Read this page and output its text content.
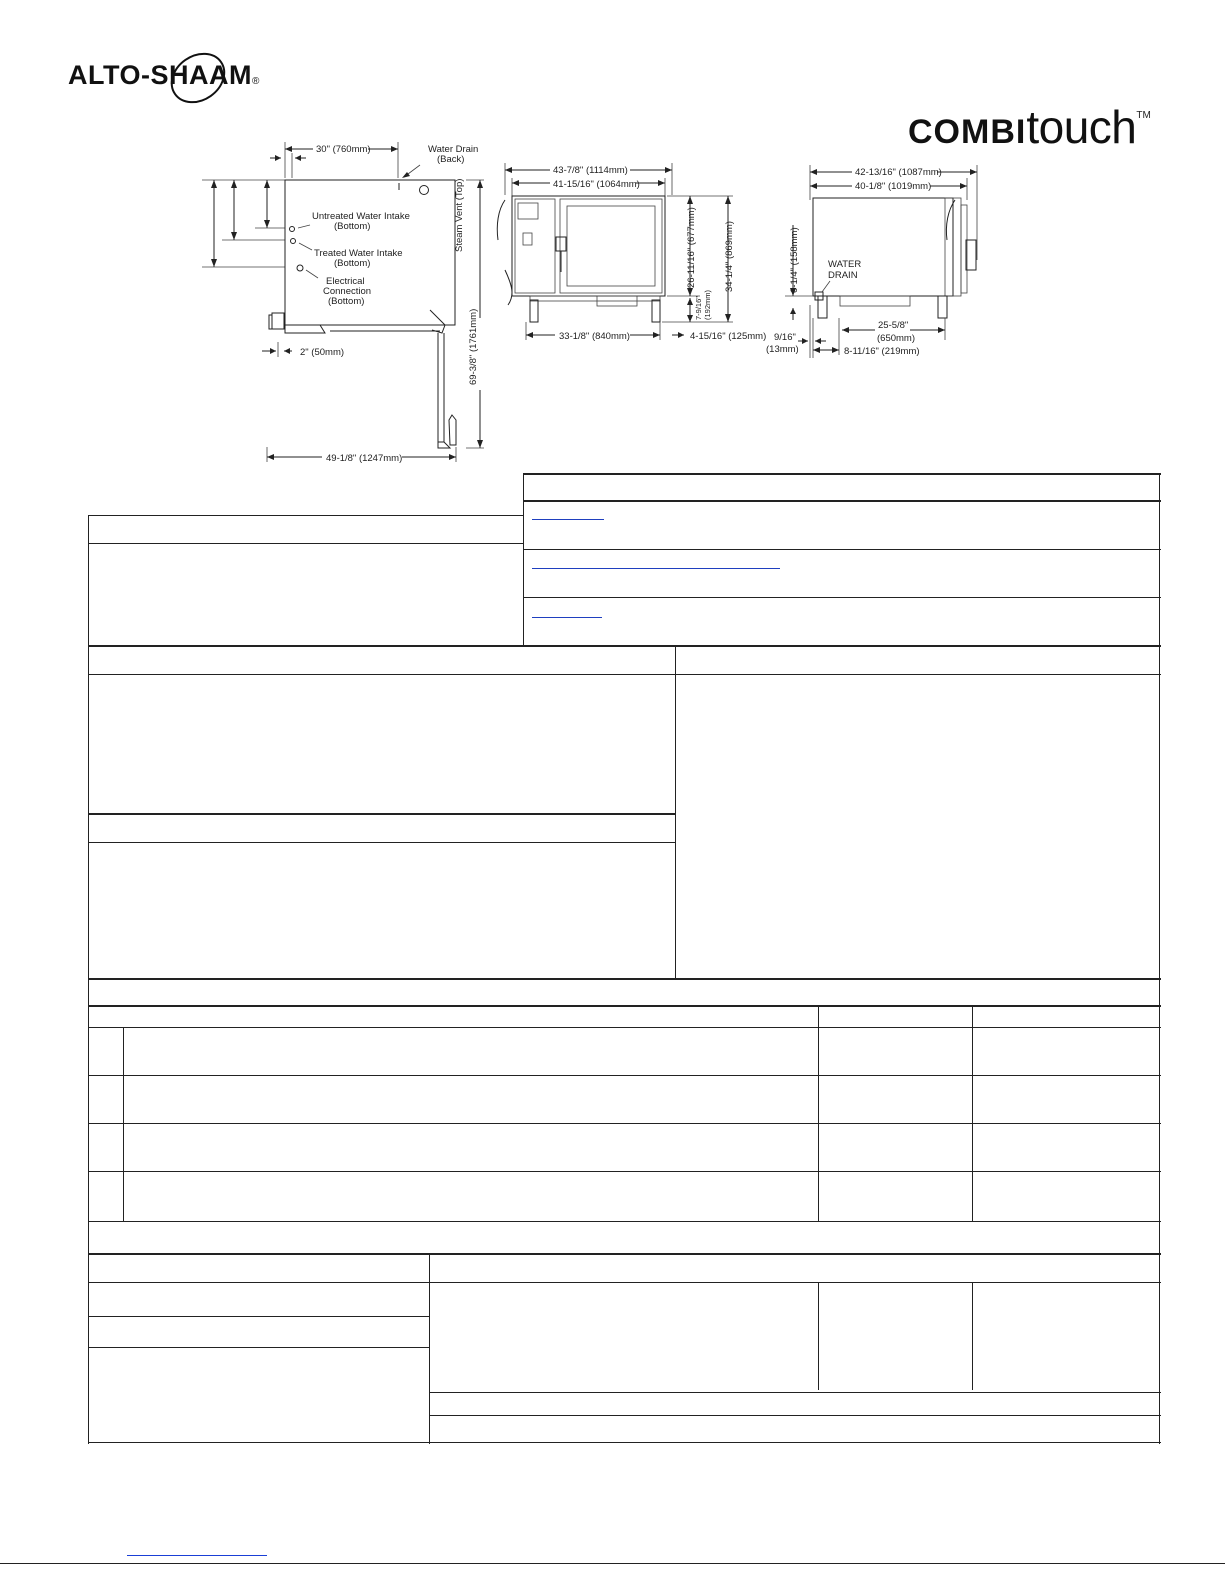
ALTO-SHAAM®
COMBItouch™
30" (760mm)	Water Drain
(Back)
Untreated Water Intake
(Bottom)
Treated Water Intake
(Bottom)
Electrical
Connection
(Bottom)
Steam Vent (Top)
69-3/8" (1761mm)
2" (50mm)
49-1/8" (1247mm)
43-7/8" (1114mm)
41-15/16" (1064mm)
26-11/16" (677mm)
7-9/16" (192mm)
34-1/4" (869mm)
33-1/8" (840mm)	4-15/16" (125mm)
42-13/16" (1087mm)
40-1/8" (1019mm)
WATER
DRAIN
6-1/4" (158mm)
25-5/8"
(650mm)
9/16"
(13mm)	8-11/16" (219mm)
